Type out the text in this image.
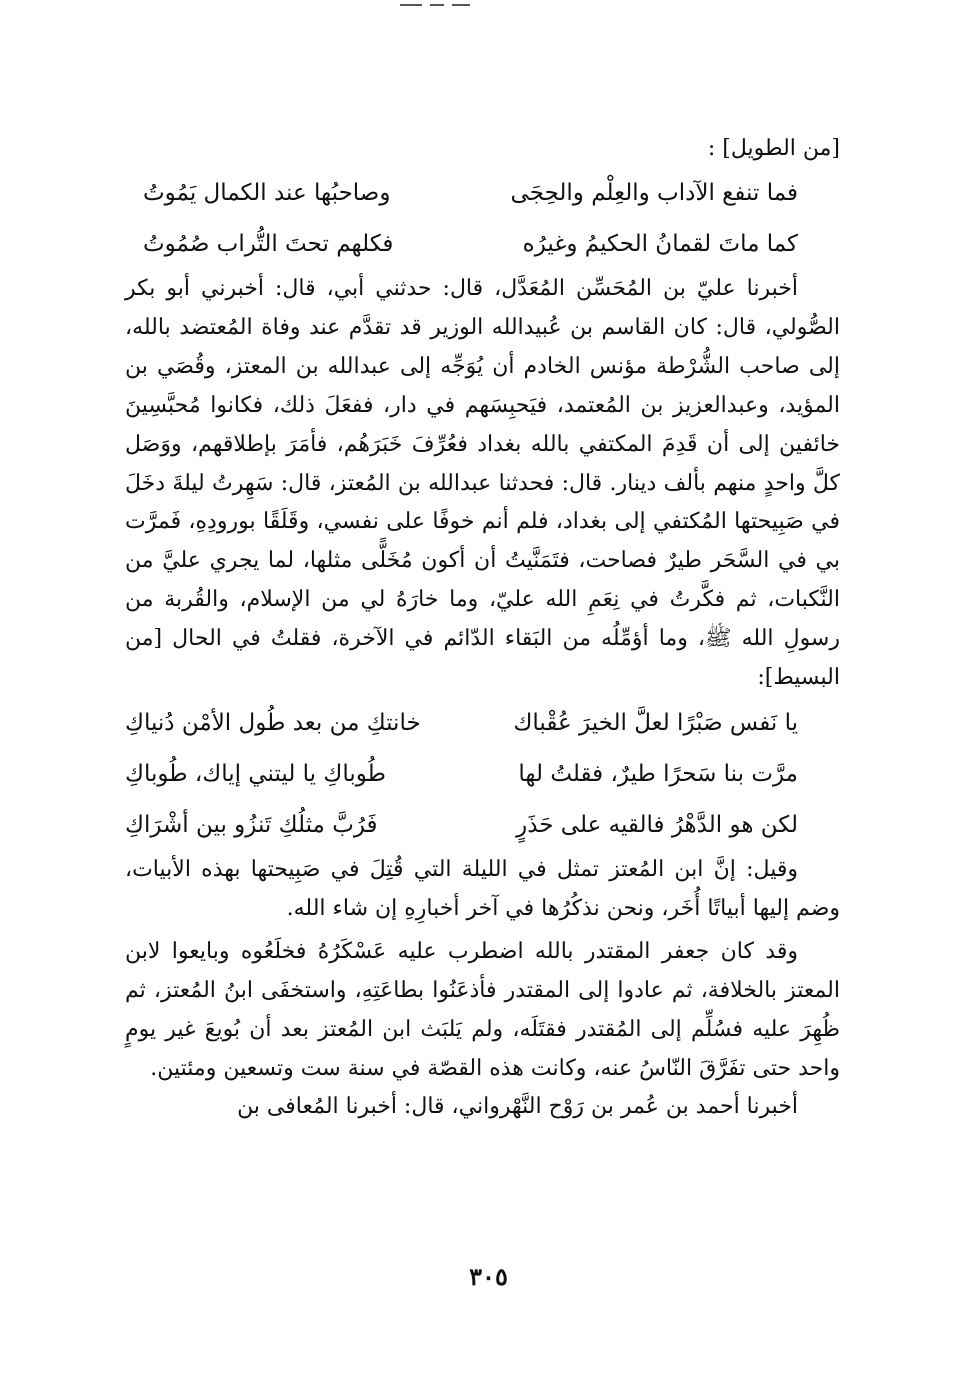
[من الطويل] :

فما تنفع الآداب والعِلْم والحِجَى
وصاحبُها عند الكمال يَمُوتُ
كما ماتَ لقمانُ الحكيمُ وغيرُه
فكلهم تحتَ التُّراب صُمُوتُ

أخبرنا عليّ بن المُحَسِّن المُعَدَّل، قال: حدثني أبي، قال: أخبرني أبو بكر الصُّولي، قال: كان القاسم بن عُبيدالله الوزير قد تقدَّم عند وفاة المُعتضد بالله، إلى صاحب الشُّرْطة مؤنس الخادم أن يُوَجِّه إلى عبدالله بن المعتز، وقُصَي بن المؤيد، وعبدالعزيز بن المُعتمد، فيَحبِسَهم في دار، ففعَلَ ذلك، فكانوا مُحبَّسِينَ خائفين إلى أن قَدِمَ المكتفي بالله بغداد فعُرِّفَ خَبَرَهُم، فأمَرَ بإطلاقهم، ووَصَل كلَّ واحدٍ منهم بألف دينار. قال: فحدثنا عبدالله بن المُعتز، قال: سَهِرتُ ليلةَ دخَلَ في صَبِيحتها المُكتفي إلى بغداد، فلم أنم خوفًا على نفسي، وقَلَقًا بورودِهِ، فَمرَّت بي في السَّحَر طيرٌ فصاحت، فتَمَنَّيتُ أن أكون مُخَلًّى مثلها، لما يجري عليَّ من النَّكبات، ثم فكَّرتُ في نِعَمِ الله عليّ، وما خارَهُ لي من الإسلام، والقُربة من رسولِ الله ﷺ، وما أؤمِّلُه من البَقاء الدّائم في الآخرة، فقلتُ في الحال [من البسيط]:

يا نَفس صَبْرًا لعلَّ الخيرَ عُقْباك
خانتكِ من بعد طُول الأمْن دُنياكِ
مرَّت بنا سَحرًا طيرٌ، فقلتُ لها
طُوباكِ يا ليتني إياك، طُوباكِ
لكن هو الدَّهْرُ فالقيه على حَذَرٍ
فَرُبَّ مثلُكِ تَنزُو بين أشْرَاكِ

وقيل: إنَّ ابن المُعتز تمثل في الليلة التي قُتِلَ في صَبِيحتها بهذه الأبيات، وضم إليها أبياتًا أُخَر، ونحن نذكُرُها في آخر أخبارِهِ إن شاء الله.

وقد كان جعفر المقتدر بالله اضطرب عليه عَسْكَرُهُ فخلَعُوه وبايعوا لابن المعتز بالخلافة، ثم عادوا إلى المقتدر فأذعَنُوا بطاعَتِهِ، واستخفَى ابنُ المُعتز، ثم ظُهِرَ عليه فسُلِّم إلى المُقتدر فقتَلَه، ولم يَلبَث ابن المُعتز بعد أن بُويعَ غير يومٍ واحد حتى تفَرَّقَ النّاسُ عنه، وكانت هذه القصّة في سنة ست وتسعين ومئتين.

أخبرنا أحمد بن عُمر بن رَوْح النَّهْرواني، قال: أخبرنا المُعافى بن

٣٠٥
